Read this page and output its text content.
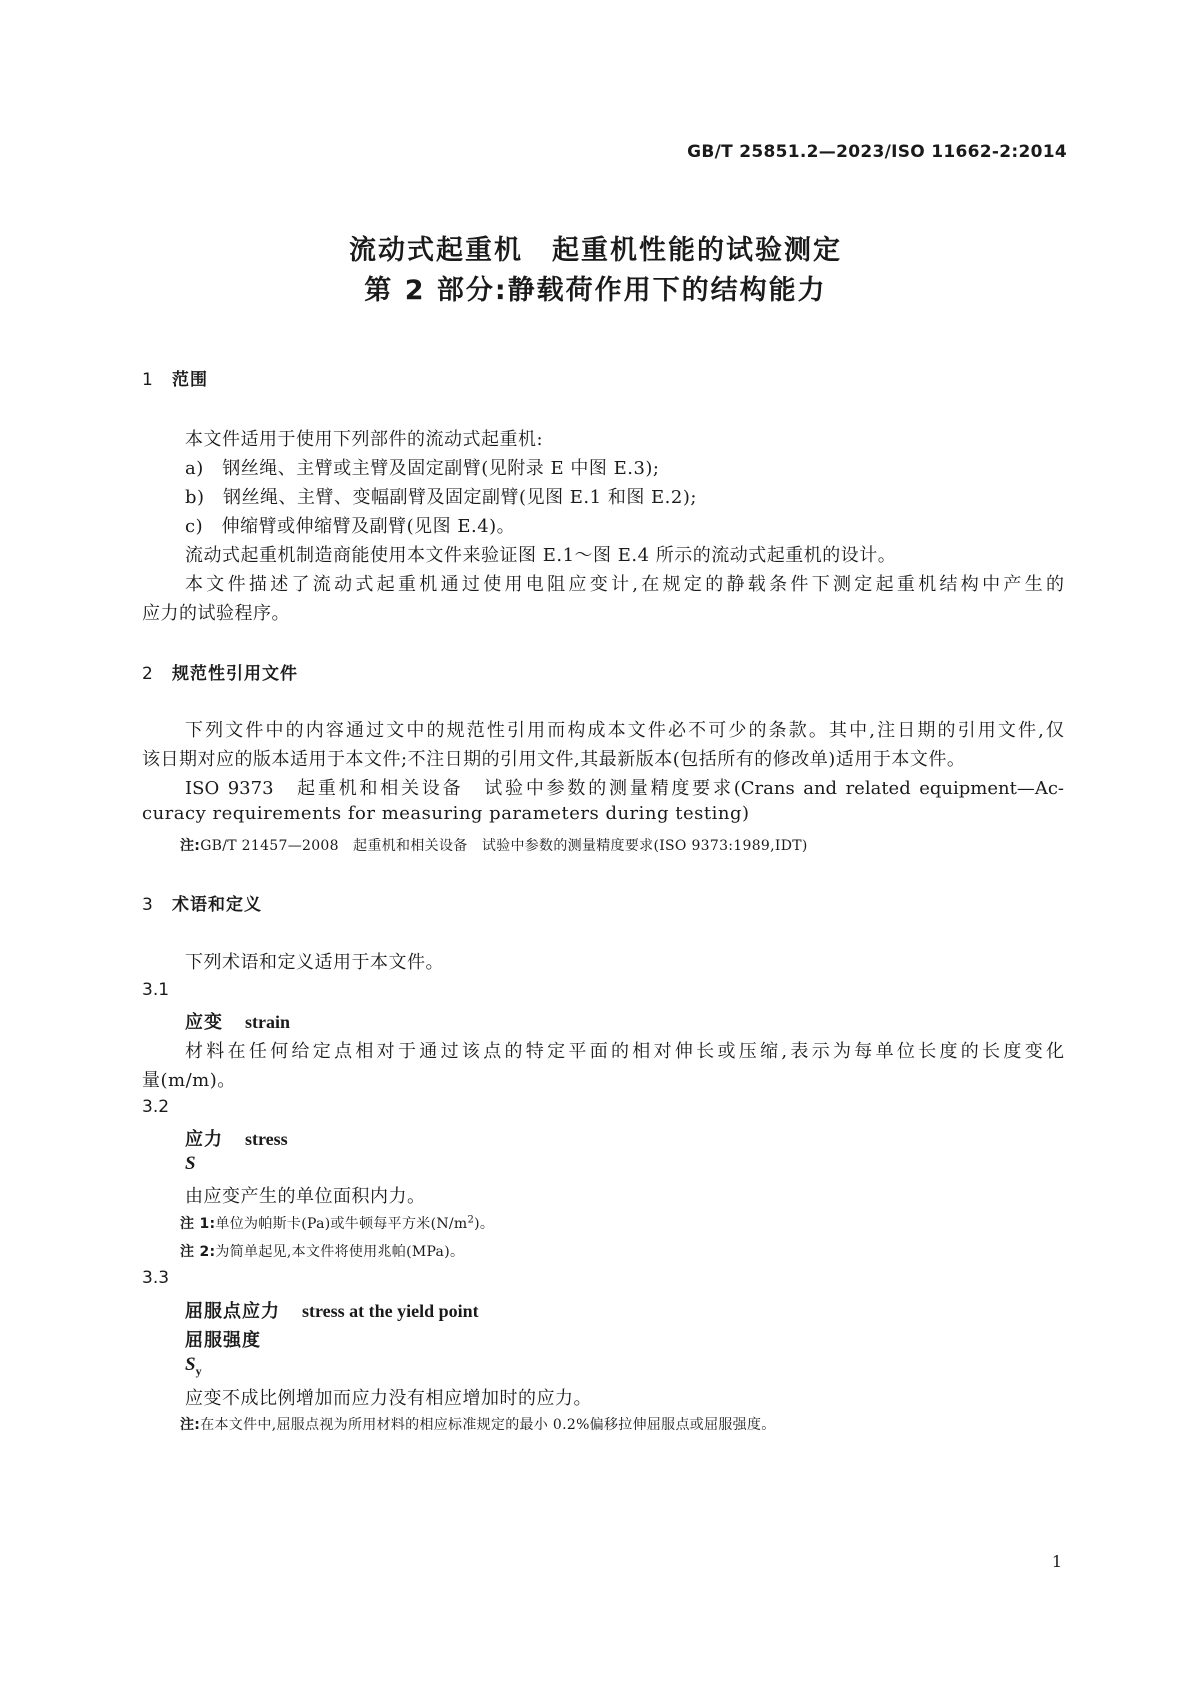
GB/T 25851.2—2023/ISO 11662-2:2014
流动式起重机　起重机性能的试验测定
第 2 部分:静载荷作用下的结构能力
1 范围
本文件适用于使用下列部件的流动式起重机:
a)　钢丝绳、主臂或主臂及固定副臂(见附录 E 中图 E.3);
b)　钢丝绳、主臂、变幅副臂及固定副臂(见图 E.1 和图 E.2);
c)　伸缩臂或伸缩臂及副臂(见图 E.4)。
流动式起重机制造商能使用本文件来验证图 E.1～图 E.4 所示的流动式起重机的设计。
本文件描述了流动式起重机通过使用电阻应变计,在规定的静载条件下测定起重机结构中产生的
应力的试验程序。
2 规范性引用文件
下列文件中的内容通过文中的规范性引用而构成本文件必不可少的条款。其中,注日期的引用文件,仅
该日期对应的版本适用于本文件;不注日期的引用文件,其最新版本(包括所有的修改单)适用于本文件。
ISO 9373　起重机和相关设备　试验中参数的测量精度要求(Crans and related equipment—Ac-
curacy requirements for measuring parameters during testing)
注:GB/T 21457—2008　起重机和相关设备　试验中参数的测量精度要求(ISO 9373:1989,IDT)
3 术语和定义
下列术语和定义适用于本文件。
3.1
应变 strain
材料在任何给定点相对于通过该点的特定平面的相对伸长或压缩,表示为每单位长度的长度变化
量(m/m)。
3.2
应力 stress
S
由应变产生的单位面积内力。
注 1:单位为帕斯卡(Pa)或牛顿每平方米$(N/m^2)$。
注 2:为简单起见,本文件将使用兆帕(MPa)。
3.3
屈服点应力 stress at the yield point
屈服强度
$S_y$
应变不成比例增加而应力没有相应增加时的应力。
注:在本文件中,屈服点视为所用材料的相应标准规定的最小 0.2%偏移拉伸屈服点或屈服强度。
1
